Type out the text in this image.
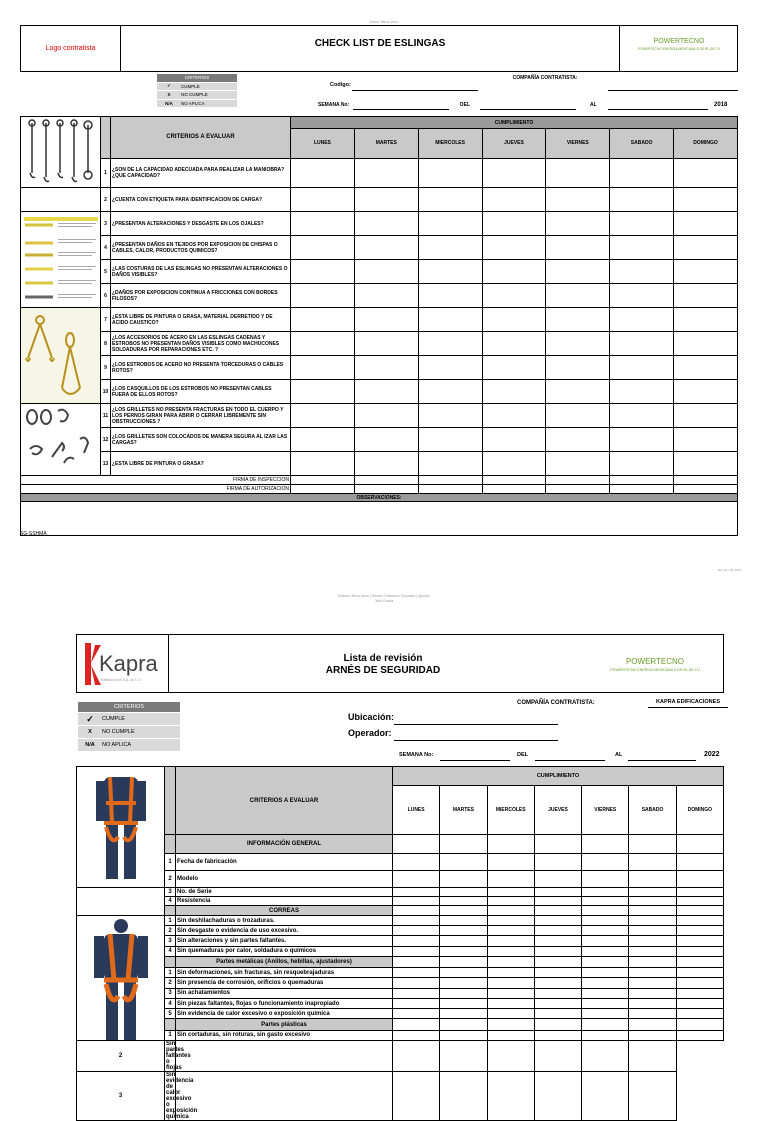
Datos: Beca Unon
Logo contratista	CHECK LIST DE ESLINGAS	POWERTECNO
POWERTECNO ENERGIA MEXICANA S DE RL DE CV
CRITERIOS
✓	CUMPLE
X	NO CUMPLE
N/A	NO APLICA
Codigo:
COMPAÑÍA CONTRATISTA:
SEMANA No:	DEL	AL	2018
		CRITERIOS A EVALUAR	CUMPLIMIENTO						
			LUNES	MARTES	MIERCOLES	JUEVES	VIERNES	SABADO	DOMINGO
	1	¿SON DE LA CAPACIDAD ADECUADA PARA REALIZAR LA MANIOBRA? ¿QUE CAPACIDAD?							
	2	¿CUENTA CON ETIQUETA PARA IDENTIFICACION DE CARGA?							

	3	¿PRESENTAN ALTERACIONES Y DESGASTE EN LOS OJALES?							
	4	¿PRESENTAN DAÑOS EN TEJIDOS POR EXPOSICION DE CHISPAS O CABLES, CALOR, PRODUCTOS QUIMICOS?							
	5	¿LAS COSTURAS DE LAS ESLINGAS NO PRESENTAN ALTERACIONES O DAÑOS VISIBLES?							
	6	¿DAÑOS POR EXPOSICION CONTINUA A FRICCIONES CON BORDES FILOSOS?							

	7	¿ESTA LIBRE DE PINTURA O GRASA, MATERIAL DERRETIDO Y DE ACIDO CAUSTICO?							
	8	¿LOS ACCESORIOS DE ACERO EN LAS ESLINGAS CADENAS Y ESTROBOS NO PRESENTAN DAÑOS VISIBLES COMO MACHUCONES SOLDADURAS POR REPARACIONES ETC. ?							
	9	¿LOS ESTROBOS DE ACERO NO PRESENTA TORCEDURAS O CABLES ROTOS?							
	10	¿LOS CASQUILLOS DE LOS ESTROBOS NO PRESENTAN CABLES FUERA DE ELLOS ROTOS?							

	11	¿LOS GRILLETES NO PRESENTA FRACTURAS EN TODO EL CUERPO Y LOS PERNOS GIRAN PARA ABRIR O CERRAR LIBREMENTE SIN OBSTRUCCIONES ?							
	12	¿LOS GRILLETES SON COLOCADOS DE MANERA SEGURA AL IZAR LAS CARGAS?							
	13	¿ESTA LIBRE DE PINTURA O GRASA?							
FIRMA DE INSPECCION									
FIRMA DE AUTORIZACION									
OBSERVACIONES:									

SG-SSHMA
Rev 01 / 06-2018
Elaboró: Beca Unon | Revisó: Francisco Gonzalez | Aprobó: Julio Garcia
Kapra
Edificaciones S.A. de C.V.
Lista de revisión
ARNÉS DE SEGURIDAD
POWERTECNO
POWERTECNO ENERGIA MEXICANA S DE RL DE CV
CRITERIOS
✓	CUMPLE
X	NO CUMPLE
N/A	NO APLICA
COMPAÑÍA CONTRATISTA:	KAPRA EDIFICACIONES
Ubicación:
Operador:
SEMANA No:	DEL	AL	2022
		CRITERIOS A EVALUAR	CUMPLIMIENTO						
			LUNES	MARTES	MIERCOLES	JUEVES	VIERNES	SABADO	DOMINGO
		INFORMACIÓN GENERAL							
	1	Fecha de fabricación							
	2	Modelo							
	3	No. de Serie							
	4	Resistencia							
		CORREAS							

	1	Sin deshilachaduras o trozaduras.							
	2	Sin desgaste o evidencia de uso excesivo.							
	3	Sin alteraciones y sin partes faltantes.							
	4	Sin quemaduras por calor, soldadura o químicos							
		Partes metálicas (Anillos, hebillas, ajustadores)							
	1	Sin deformaciones, sin fracturas, sin resquebrajaduras							
	2	Sin presencia de corrosión, orificios o quemaduras							
	3	Sin achatamientos							
	4	Sin piezas faltantes, flojas o funcionamiento inapropiado							
	5	Sin evidencia de calor excesivo o exposición química							
		Partes plásticas							
	1	Sin cortaduras, sin roturas, sin gasto excesivo							
2	Sin partes faltantes o flojas								
3	Sin evidencia de calor excesivo o exposición química								
